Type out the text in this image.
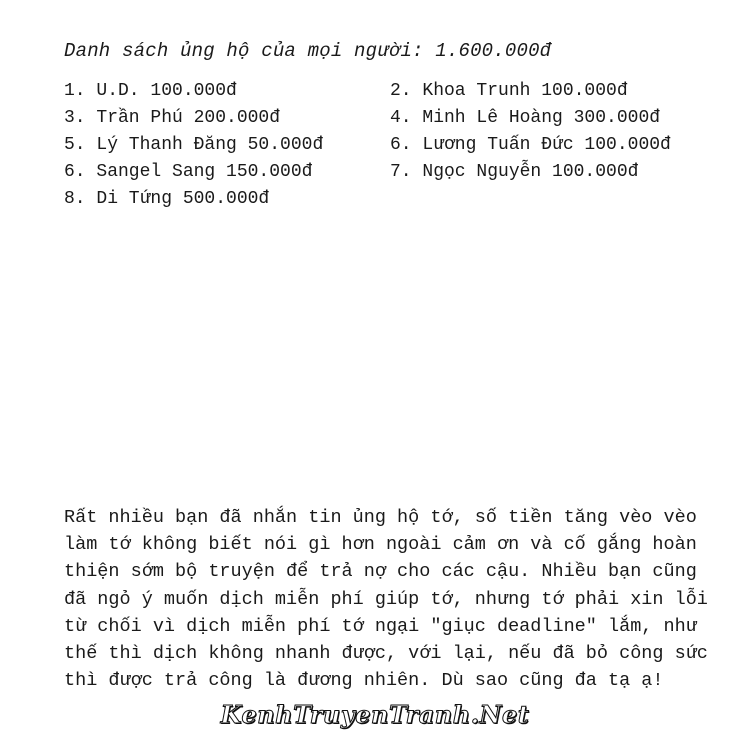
Danh sách ủng hộ của mọi người: 1.600.000đ
1. U.D. 100.000đ	2. Khoa Trunh 100.000đ
3. Trần Phú 200.000đ	4. Minh Lê Hoàng 300.000đ
5. Lý Thanh Đăng 50.000đ	6. Lương Tuấn Đức 100.000đ
6. Sangel Sang 150.000đ	7. Ngọc Nguyễn 100.000đ
8. Di Tứng 500.000đ
Rất nhiều bạn đã nhắn tin ủng hộ tớ, số tiền tăng vèo vèo
làm tớ không biết nói gì hơn ngoài cảm ơn và cố gắng hoàn
thiện sớm bộ truyện để trả nợ cho các cậu. Nhiều bạn cũng
đã ngỏ ý muốn dịch miễn phí giúp tớ, nhưng tớ phải xin lỗi
từ chối vì dịch miễn phí tớ ngại "giục deadline" lắm, như
thế thì dịch không nhanh được, với lại, nếu đã bỏ công sức
thì được trả công là đương nhiên. Dù sao cũng đa tạ ạ!
KenhTruyenTranh.Net
